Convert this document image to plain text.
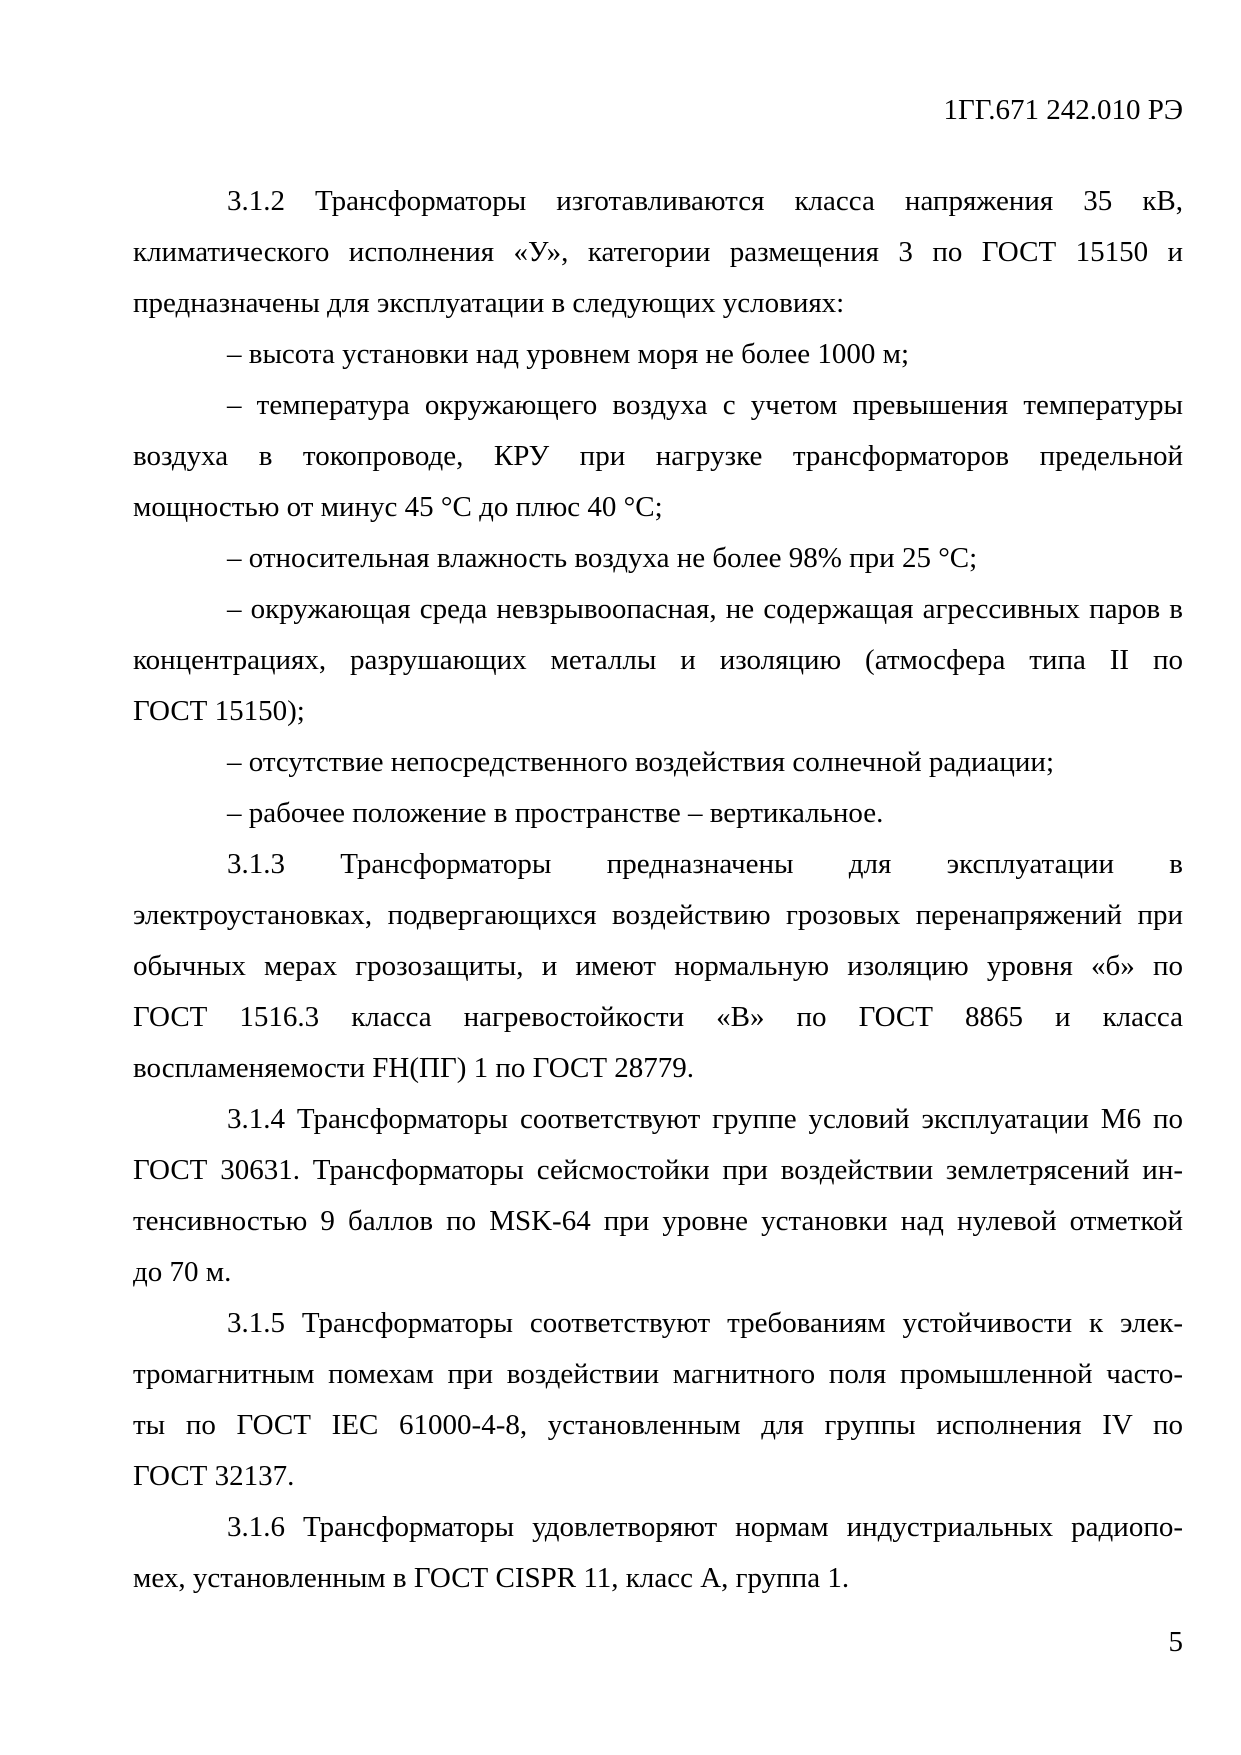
1ГГ.671 242.010 РЭ
3.1.2 Трансформаторы изготавливаются класса напряжения 35 кВ,
климатического исполнения «У», категории размещения 3 по ГОСТ 15150 и
предназначены для эксплуатации в следующих условиях:
– высота установки над уровнем моря не более 1000 м;
– температура окружающего воздуха с учетом превышения температуры
воздуха в токопроводе, КРУ при нагрузке трансформаторов предельной
мощностью от минус 45 °С до плюс 40 °С;
– относительная влажность воздуха не более 98% при 25 °С;
– окружающая среда невзрывоопасная, не содержащая агрессивных паров в
концентрациях, разрушающих металлы и изоляцию (атмосфера типа II по
ГОСТ 15150);
– отсутствие непосредственного воздействия солнечной радиации;
– рабочее положение в пространстве – вертикальное.
3.1.3 Трансформаторы предназначены для эксплуатации в
электроустановках, подвергающихся воздействию грозовых перенапряжений при
обычных мерах грозозащиты, и имеют нормальную изоляцию уровня «б» по
ГОСТ 1516.3 класса нагревостойкости «В» по ГОСТ 8865 и класса
воспламеняемости FH(ПГ) 1 по ГОСТ 28779.
3.1.4 Трансформаторы соответствуют группе условий эксплуатации М6 по
ГОСТ 30631. Трансформаторы сейсмостойки при воздействии землетрясений ин-
тенсивностью 9 баллов по MSK-64 при уровне установки над нулевой отметкой
до 70 м.
3.1.5 Трансформаторы соответствуют требованиям устойчивости к элек-
тромагнитным помехам при воздействии магнитного поля промышленной часто-
ты по ГОСТ IEC 61000-4-8, установленным для группы исполнения IV по
ГОСТ 32137.
3.1.6 Трансформаторы удовлетворяют нормам индустриальных радиопо-
мех, установленным в ГОСТ CISPR 11, класс А, группа 1.
5
